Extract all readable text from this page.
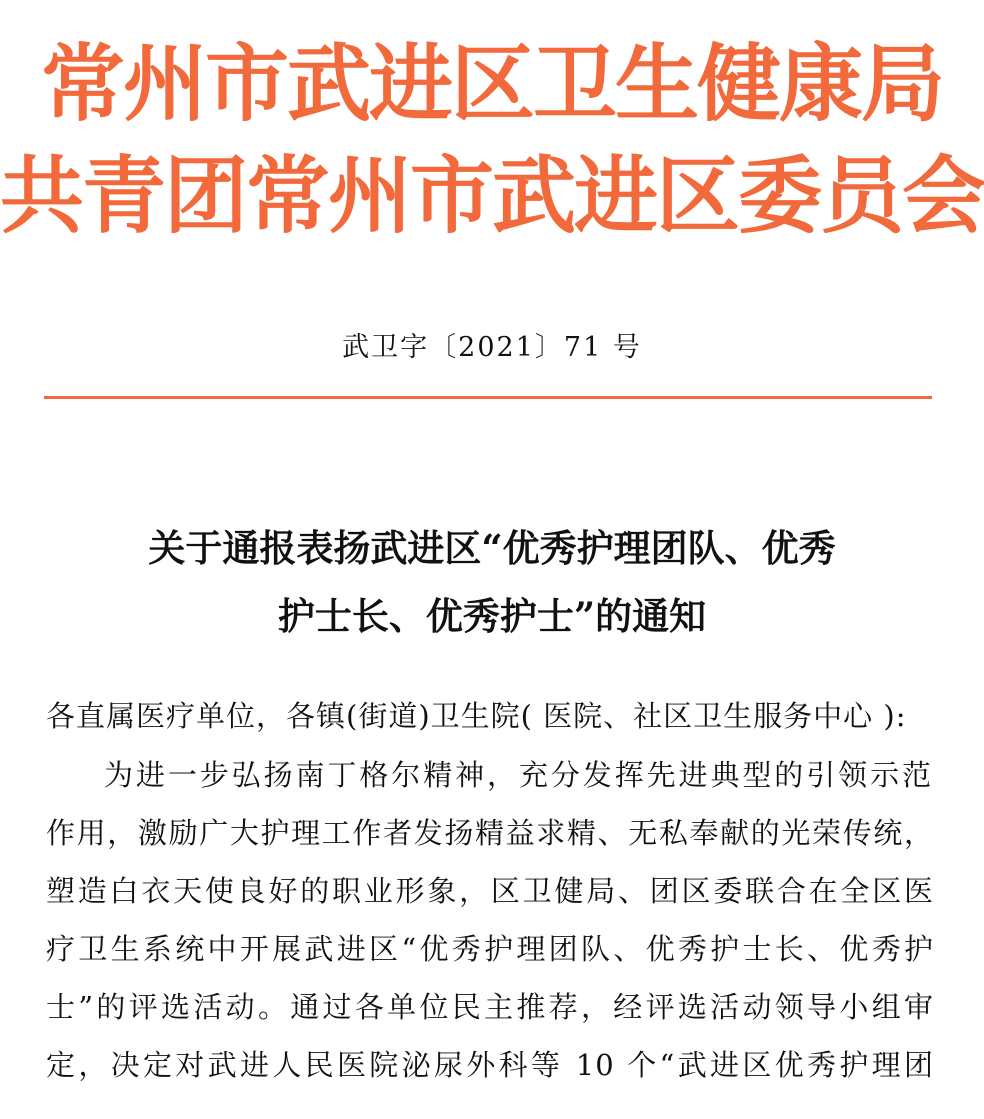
常州市武进区卫生健康局
共青团常州市武进区委员会
武卫字〔2021〕71 号
关于通报表扬武进区“优秀护理团队、优秀
护士长、优秀护士”的通知
各直属医疗单位，各镇(街道)卫生院( 医院、社区卫生服务中心 ):
为进一步弘扬南丁格尔精神，充分发挥先进典型的引领示范
作用，激励广大护理工作者发扬精益求精、无私奉献的光荣传统，
塑造白衣天使良好的职业形象，区卫健局、团区委联合在全区医
疗卫生系统中开展武进区“优秀护理团队、优秀护士长、优秀护
士”的评选活动。通过各单位民主推荐，经评选活动领导小组审
定，决定对武进人民医院泌尿外科等 10 个“武进区优秀护理团
